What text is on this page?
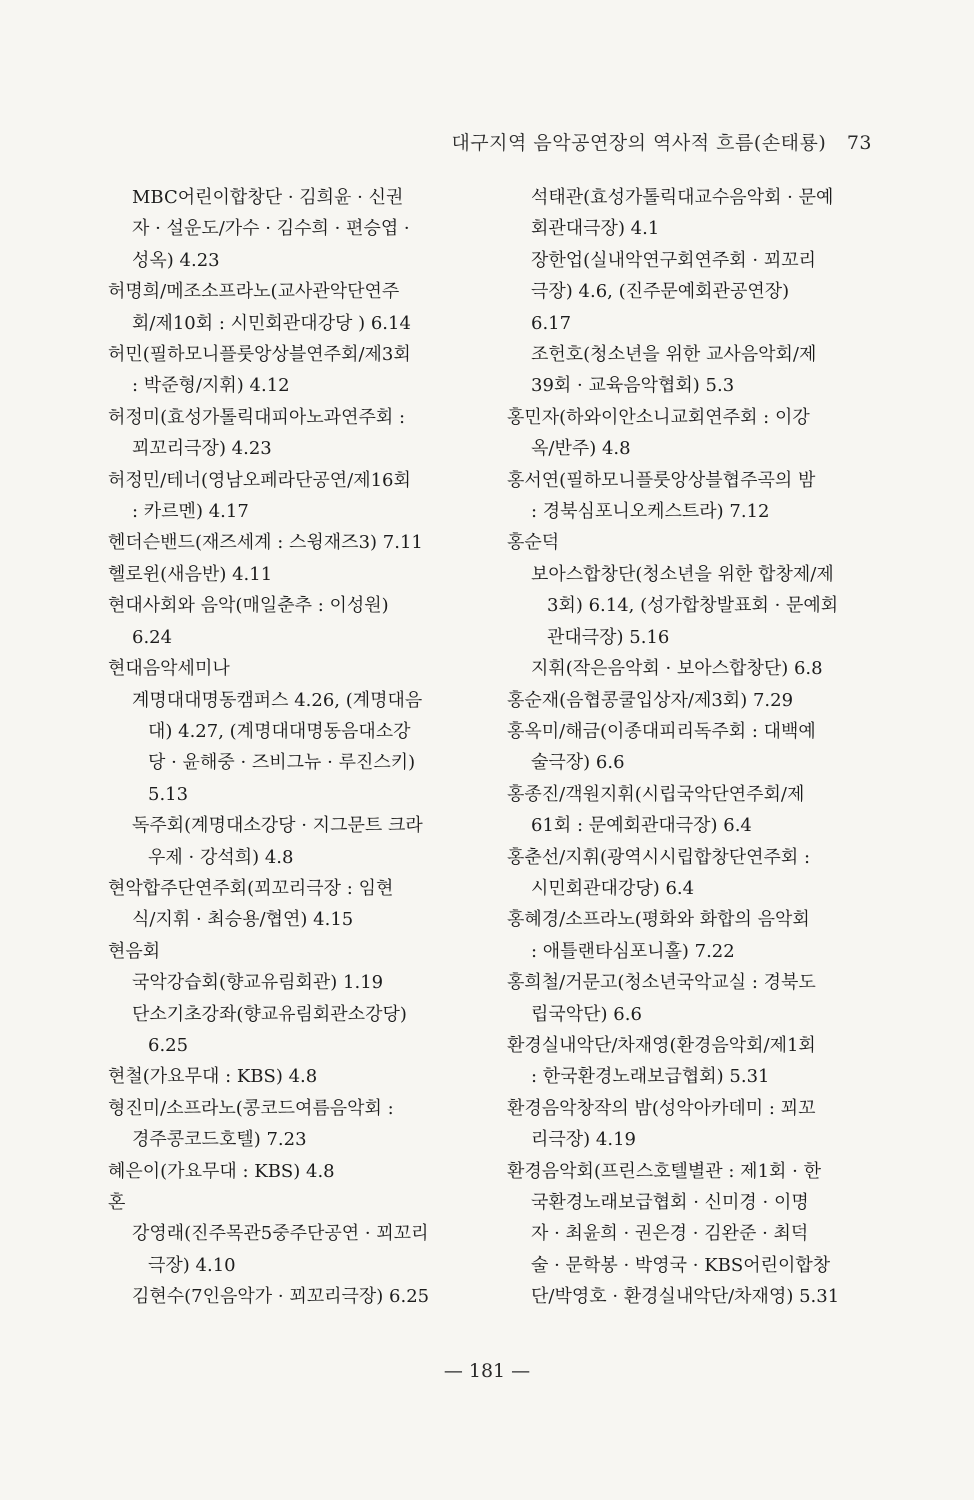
대구지역 음악공연장의 역사적 흐름(손태룡) 73
MBC어린이합창단 · 김희윤 · 신권
자 · 설운도/가수 · 김수희 · 편승엽 ·
성옥) 4.23
허명희/메조소프라노(교사관악단연주
회/제10회 : 시민회관대강당 ) 6.14
허민(필하모니플룻앙상블연주회/제3회
: 박준형/지휘) 4.12
허정미(효성가톨릭대피아노과연주회 :
꾀꼬리극장) 4.23
허정민/테너(영남오페라단공연/제16회
: 카르멘) 4.17
헨더슨밴드(재즈세계 : 스윙재즈3) 7.11
헬로윈(새음반) 4.11
현대사회와 음악(매일춘추 : 이성원)
6.24
현대음악세미나
계명대대명동캠퍼스 4.26, (계명대음
대) 4.27, (계명대대명동음대소강
당 · 윤해중 · 즈비그뉴 · 루진스키)
5.13
독주회(계명대소강당 · 지그문트 크라
우제 · 강석희) 4.8
현악합주단연주회(꾀꼬리극장 : 임현
식/지휘 · 최승용/협연) 4.15
현음회
국악강습회(향교유림회관) 1.19
단소기초강좌(향교유림회관소강당)
6.25
현철(가요무대 : KBS) 4.8
형진미/소프라노(콩코드여름음악회 :
경주콩코드호텔) 7.23
혜은이(가요무대 : KBS) 4.8
혼
강영래(진주목관5중주단공연 · 꾀꼬리
극장) 4.10
김현수(7인음악가 · 꾀꼬리극장) 6.25
석태관(효성가톨릭대교수음악회 · 문예
회관대극장) 4.1
장한업(실내악연구회연주회 · 꾀꼬리
극장) 4.6, (진주문예회관공연장)
6.17
조헌호(청소년을 위한 교사음악회/제
39회 · 교육음악협회) 5.3
홍민자(하와이안소니교회연주회 : 이강
옥/반주) 4.8
홍서연(필하모니플룻앙상블협주곡의 밤
: 경북심포니오케스트라) 7.12
홍순덕
보아스합창단(청소년을 위한 합창제/제
3회) 6.14, (성가합창발표회 · 문예회
관대극장) 5.16
지휘(작은음악회 · 보아스합창단) 6.8
홍순재(음협콩쿨입상자/제3회) 7.29
홍옥미/해금(이종대피리독주회 : 대백예
술극장) 6.6
홍종진/객원지휘(시립국악단연주회/제
61회 : 문예회관대극장) 6.4
홍춘선/지휘(광역시시립합창단연주회 :
시민회관대강당) 6.4
홍혜경/소프라노(평화와 화합의 음악회
: 애틀랜타심포니홀) 7.22
홍희철/거문고(청소년국악교실 : 경북도
립국악단) 6.6
환경실내악단/차재영(환경음악회/제1회
: 한국환경노래보급협회) 5.31
환경음악창작의 밤(성악아카데미 : 꾀꼬
리극장) 4.19
환경음악회(프린스호텔별관 : 제1회 · 한
국환경노래보급협회 · 신미경 · 이명
자 · 최윤희 · 권은경 · 김완준 · 최덕
술 · 문학봉 · 박영국 · KBS어린이합창
단/박영호 · 환경실내악단/차재영) 5.31
— 181 —
